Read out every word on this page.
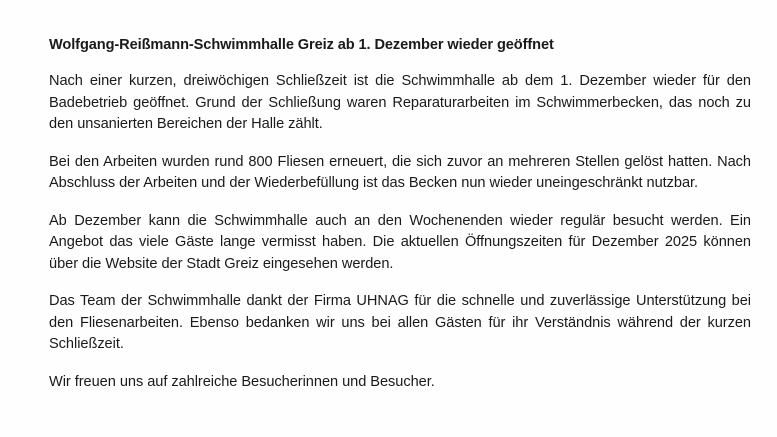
Wolfgang-Reißmann-Schwimmhalle Greiz ab 1. Dezember wieder geöffnet

Nach einer kurzen, dreiwöchigen Schließzeit ist die Schwimmhalle ab dem 1. Dezember wieder für den Badebetrieb geöffnet. Grund der Schließung waren Reparaturarbeiten im Schwimmerbecken, das noch zu den unsanierten Bereichen der Halle zählt.

Bei den Arbeiten wurden rund 800 Fliesen erneuert, die sich zuvor an mehreren Stellen gelöst hatten. Nach Abschluss der Arbeiten und der Wiederbefüllung ist das Becken nun wieder uneingeschränkt nutzbar.

Ab Dezember kann die Schwimmhalle auch an den Wochenenden wieder regulär besucht werden. Ein Angebot das viele Gäste lange vermisst haben. Die aktuellen Öffnungszeiten für Dezember 2025 können über die Website der Stadt Greiz eingesehen werden.

Das Team der Schwimmhalle dankt der Firma UHNAG für die schnelle und zuverlässige Unterstützung bei den Fliesenarbeiten. Ebenso bedanken wir uns bei allen Gästen für ihr Verständnis während der kurzen Schließzeit.

Wir freuen uns auf zahlreiche Besucherinnen und Besucher.
